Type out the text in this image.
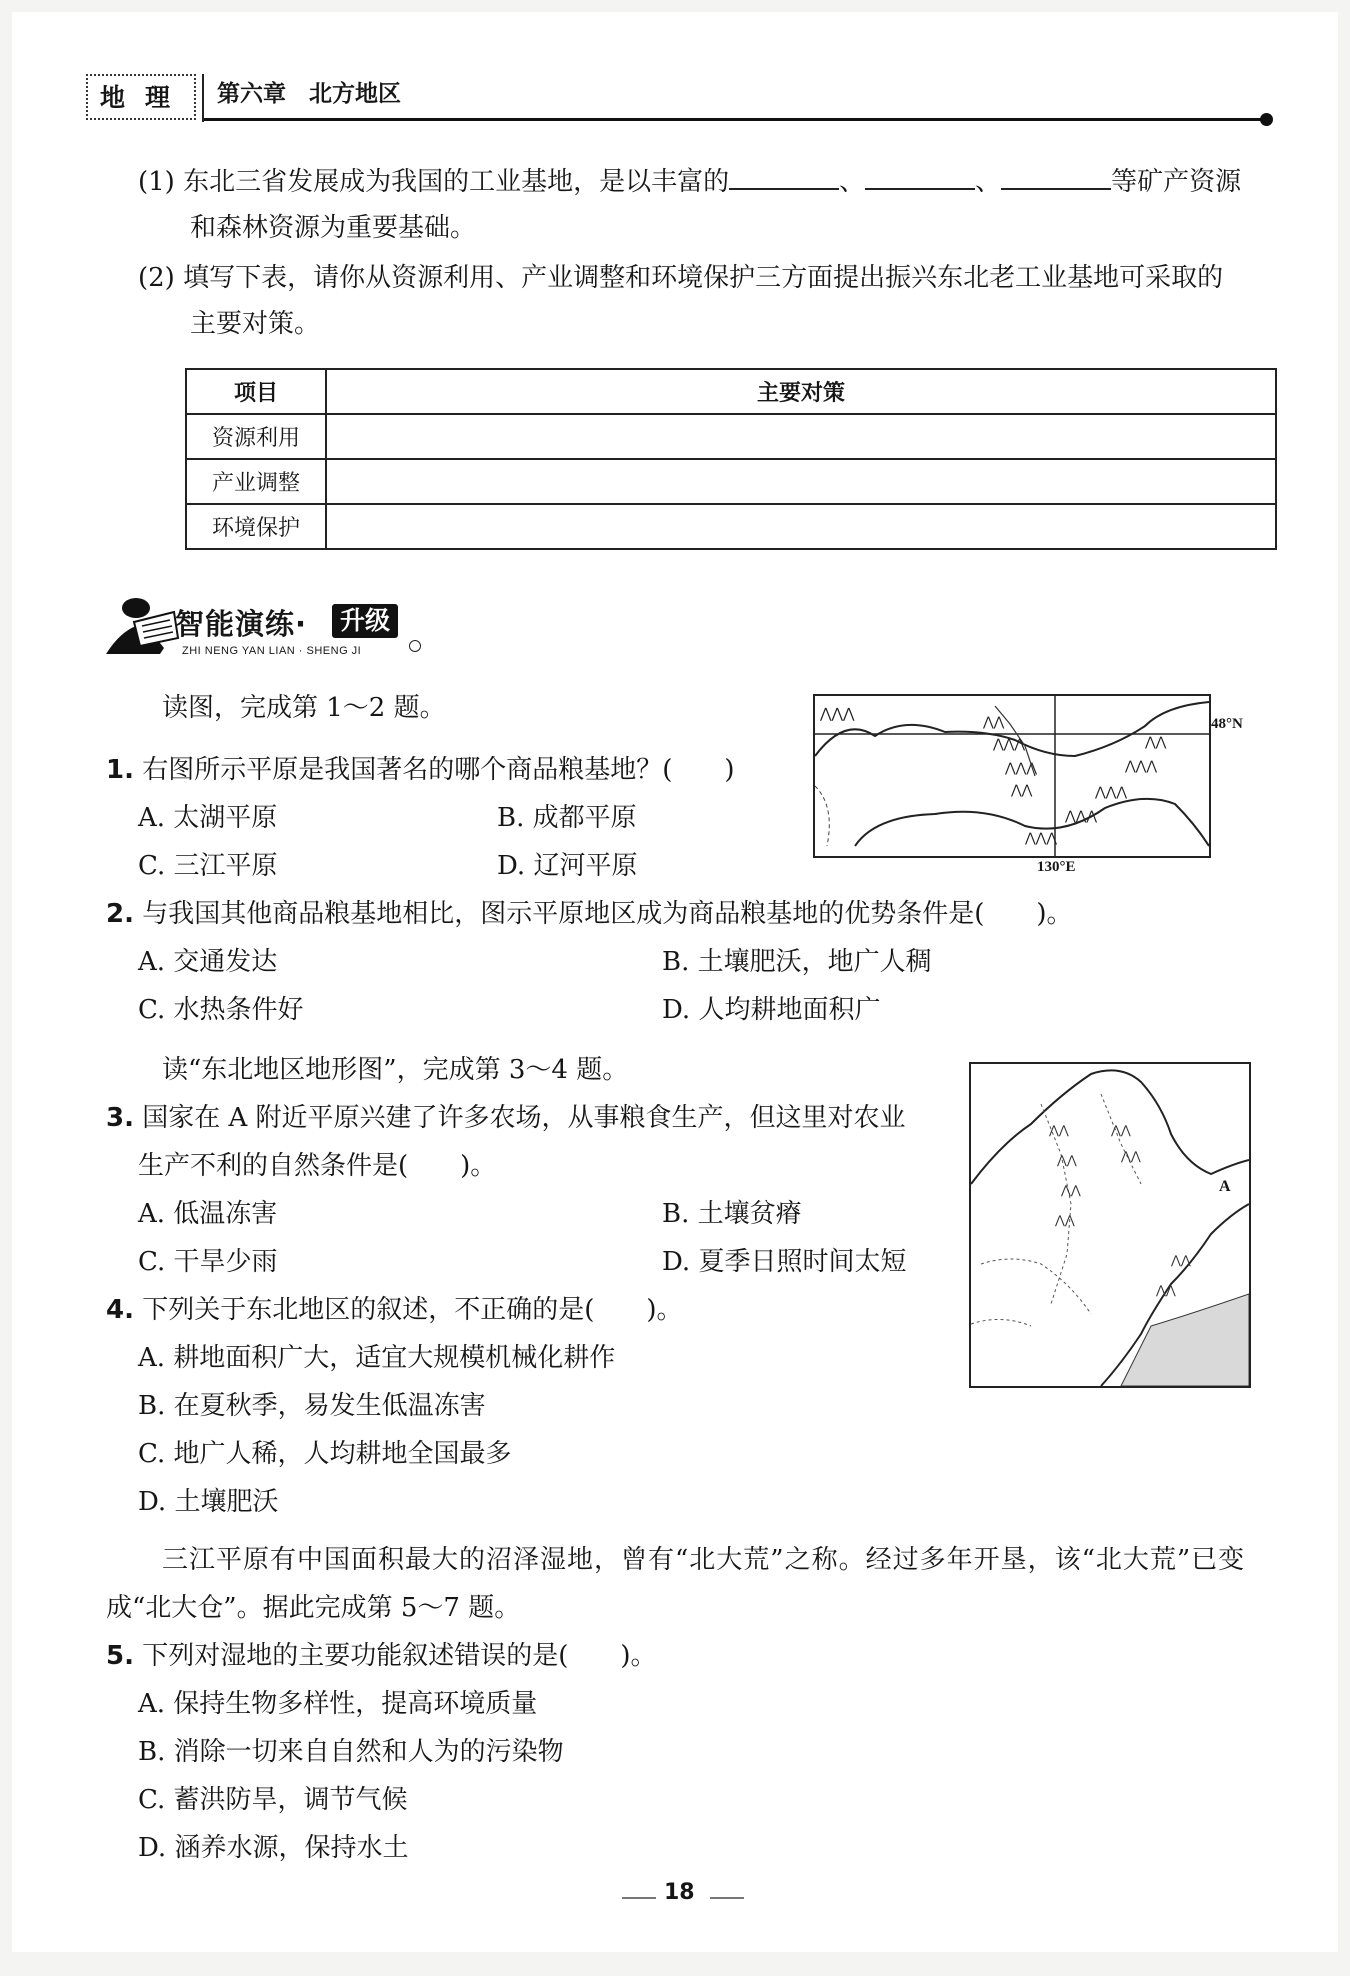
地理 第六章　北方地区
(1) 东北三省发展成为我国的工业基地，是以丰富的	、	、	等矿产资源
和森林资源为重要基础。
(2) 填写下表，请你从资源利用、产业调整和环境保护三方面提出振兴东北老工业基地可采取的
主要对策。
项目	主要对策
资源利用	
产业调整	
环境保护	
智能演练·	升级
ZHI NENG YAN LIAN · SHENG JI
读图，完成第 1～2 题。
1. 右图所示平原是我国著名的哪个商品粮基地？(　　)
A. 太湖平原	B. 成都平原
C. 三江平原	D. 辽河平原
2. 与我国其他商品粮基地相比，图示平原地区成为商品粮基地的优势条件是(　　)。
A. 交通发达	B. 土壤肥沃，地广人稠
C. 水热条件好	D. 人均耕地面积广
⋀⋀⋀
⋀⋀
⋀⋀⋀
⋀⋀⋀
⋀⋀
⋀⋀
⋀⋀⋀
⋀⋀⋀
⋀⋀⋀
⋀⋀⋀
48°N
130°E
读“东北地区地形图”，完成第 3～4 题。
3. 国家在 A 附近平原兴建了许多农场，从事粮食生产，但这里对农业
生产不利的自然条件是(　　)。
A. 低温冻害	B. 土壤贫瘠
C. 干旱少雨	D. 夏季日照时间太短
4. 下列关于东北地区的叙述，不正确的是(　　)。
A. 耕地面积广大，适宜大规模机械化耕作
B. 在夏秋季，易发生低温冻害
C. 地广人稀，人均耕地全国最多
D. 土壤肥沃
⋀⋀
⋀⋀
⋀⋀
⋀⋀
⋀⋀
⋀⋀
⋀⋀
⋀⋀
A
三江平原有中国面积最大的沼泽湿地，曾有“北大荒”之称。经过多年开垦，该“北大荒”已变
成“北大仓”。据此完成第 5～7 题。
5. 下列对湿地的主要功能叙述错误的是(　　)。
A. 保持生物多样性，提高环境质量
B. 消除一切来自自然和人为的污染物
C. 蓄洪防旱，调节气候
D. 涵养水源，保持水土
18
